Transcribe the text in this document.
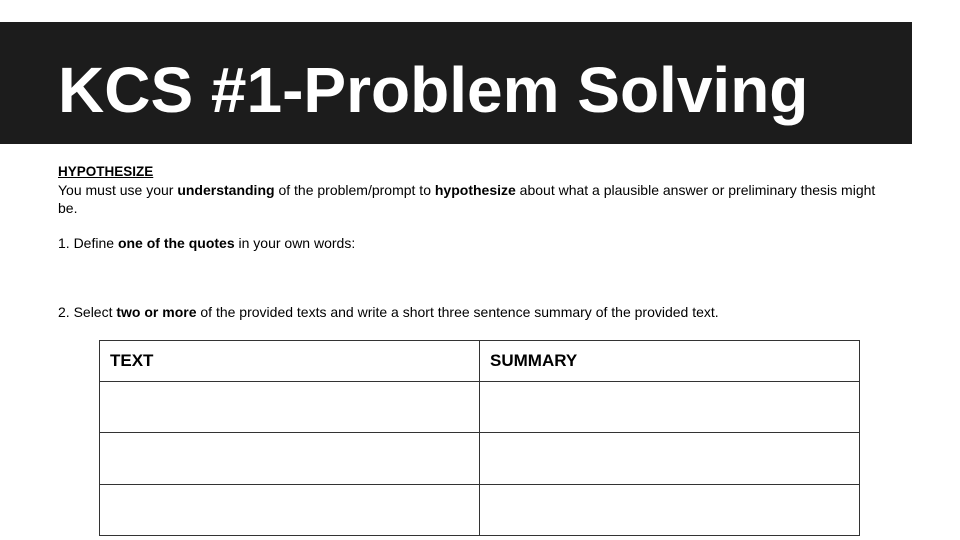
KCS #1-Problem Solving
HYPOTHESIZE

You must use your understanding of the problem/prompt to hypothesize about what a plausible answer or preliminary thesis might be.

1. Define one of the quotes in your own words:

2. Select two or more of the provided texts and write a short three sentence summary of the provided text.

TEXT	SUMMARY
